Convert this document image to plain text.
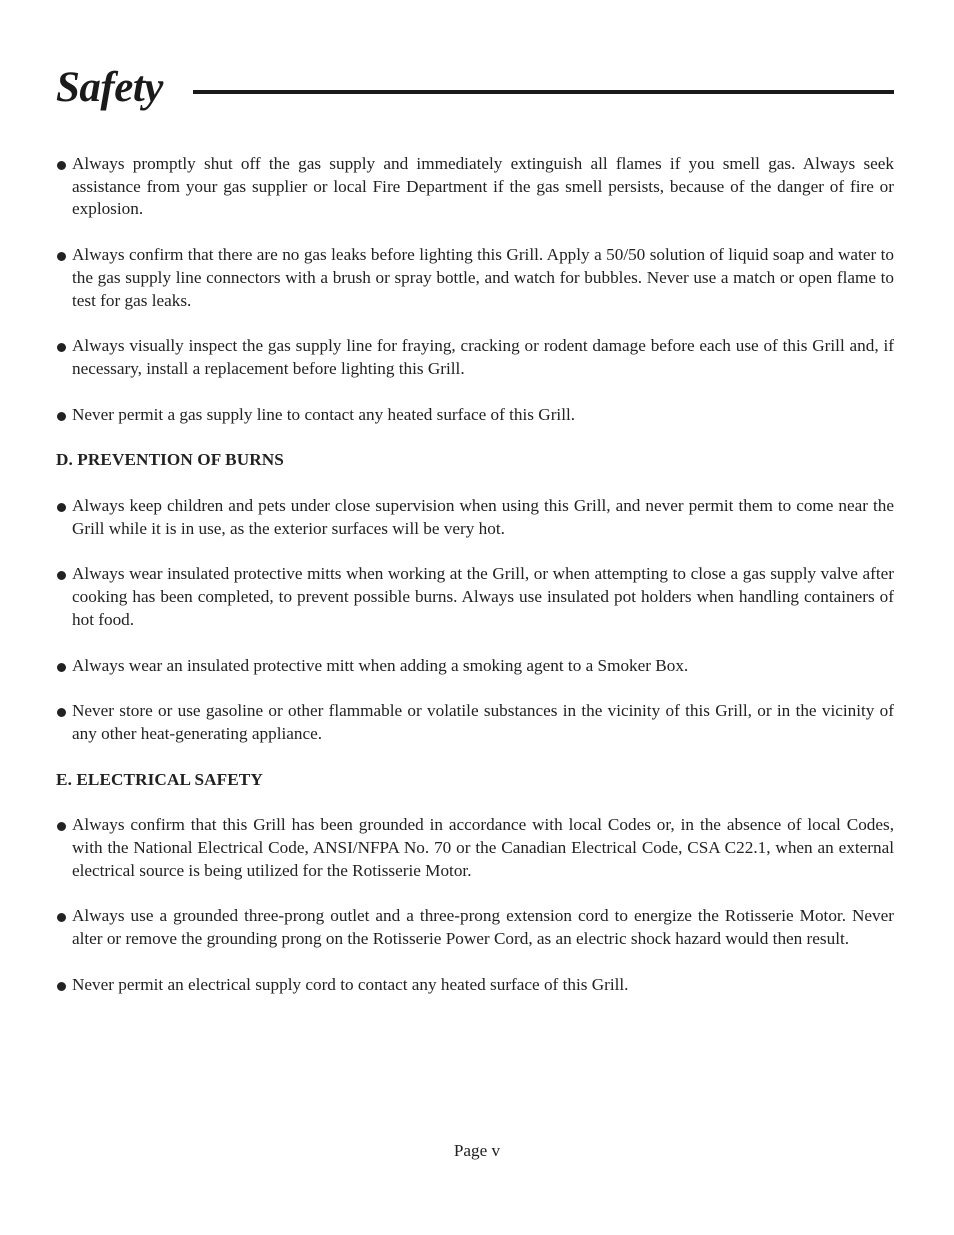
Safety
Always promptly shut off the gas supply and immediately extinguish all flames if you smell gas. Always seek assistance from your gas supplier or local Fire Department if the gas smell persists, because of the danger of fire or explosion.
Always confirm that there are no gas leaks before lighting this Grill. Apply a 50/50 solution of liquid soap and water to the gas supply line connectors with a brush or spray bottle, and watch for bubbles. Never use a match or open flame to test for gas leaks.
Always visually inspect the gas supply line for fraying, cracking or rodent damage before each use of this Grill and, if necessary, install a replacement before lighting this Grill.
Never permit a gas supply line to contact any heated surface of this Grill.
D. PREVENTION OF BURNS
Always keep children and pets under close supervision when using this Grill, and never permit them to come near the Grill while it is in use, as the exterior surfaces will be very hot.
Always wear insulated protective mitts when working at the Grill, or when attempting to close a gas supply valve after cooking has been completed, to prevent possible burns. Always use insulated pot holders when handling containers of hot food.
Always wear an insulated protective mitt when adding a smoking agent to a Smoker Box.
Never store or use gasoline or other flammable or volatile substances in the vicinity of this Grill, or in the vicinity of any other heat-generating appliance.
E. ELECTRICAL SAFETY
Always confirm that this Grill has been grounded in accordance with local Codes or, in the absence of local Codes, with the National Electrical Code, ANSI/NFPA No. 70 or the Canadian Electrical Code, CSA C22.1, when an external electrical source is being utilized for the Rotisserie Motor.
Always use a grounded three-prong outlet and a three-prong extension cord to energize the Rotisserie Motor. Never alter or remove the grounding prong on the Rotisserie Power Cord, as an electric shock hazard would then result.
Never permit an electrical supply cord to contact any heated surface of this Grill.
Page v
